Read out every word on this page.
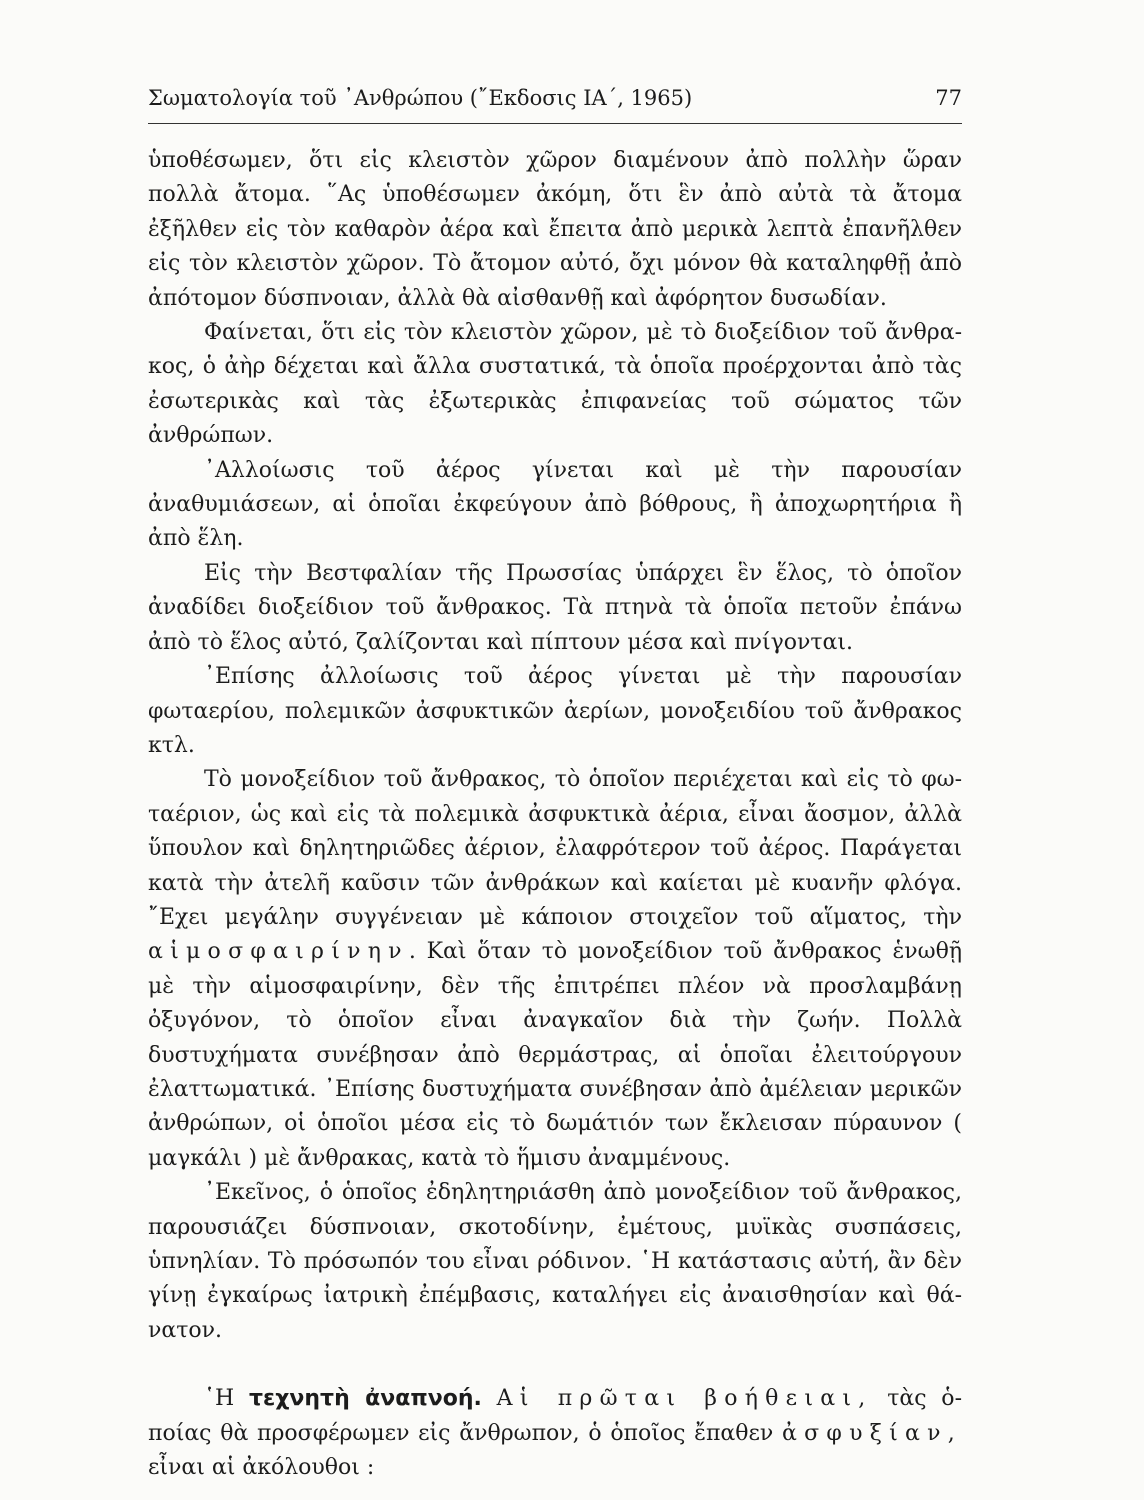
Σωματολογία τοῦ ᾿Ανθρώπου (῎Εκδοσις ΙΑ΄, 1965)	77

ὑποθέσωμεν, ὅτι εἰς κλειστὸν χῶρον διαμένουν ἀπὸ πολλὴν ὥραν πολλὰ ἄτομα. ῞Ας ὑποθέσωμεν ἀκόμη, ὅτι ἓν ἀπὸ αὐτὰ τὰ ἄτομα ἐξῆλθεν εἰς τὸν καθαρὸν ἀέρα καὶ ἔπειτα ἀπὸ μερικὰ λεπτὰ ἐπανῆλθεν εἰς τὸν κλειστὸν χῶρον. Τὸ ἄτομον αὐτό, ὄχι μόνον θὰ καταληφθῇ ἀπὸ ἀπότομον δύσπνοιαν, ἀλλὰ θὰ αἰσθανθῇ καὶ ἀφόρητον δυσωδίαν.

Φαίνεται, ὅτι εἰς τὸν κλειστὸν χῶρον, μὲ τὸ διοξείδιον τοῦ ἄνθρακος, ὁ ἀὴρ δέχεται καὶ ἄλλα συστατικά, τὰ ὁποῖα προέρχονται ἀπὸ τὰς ἐσωτερικὰς καὶ τὰς ἐξωτερικὰς ἐπιφανείας τοῦ σώματος τῶν ἀνθρώπων.

᾿Αλλοίωσις τοῦ ἀέρος γίνεται καὶ μὲ τὴν παρουσίαν ἀναθυμιάσεων, αἱ ὁποῖαι ἐκφεύγουν ἀπὸ βόθρους, ἢ ἀποχωρητήρια ἢ ἀπὸ ἕλη.

Εἰς τὴν Βεστφαλίαν τῆς Πρωσσίας ὑπάρχει ἓν ἕλος, τὸ ὁποῖον ἀναδίδει διοξείδιον τοῦ ἄνθρακος. Τὰ πτηνὰ τὰ ὁποῖα πετοῦν ἐπάνω ἀπὸ τὸ ἕλος αὐτό, ζαλίζονται καὶ πίπτουν μέσα καὶ πνίγονται.

᾿Επίσης ἀλλοίωσις τοῦ ἀέρος γίνεται μὲ τὴν παρουσίαν φωταερίου, πολεμικῶν ἀσφυκτικῶν ἀερίων, μονοξειδίου τοῦ ἄνθρακος κτλ.

Τὸ μονοξείδιον τοῦ ἄνθρακος, τὸ ὁποῖον περιέχεται καὶ εἰς τὸ φωταέριον, ὡς καὶ εἰς τὰ πολεμικὰ ἀσφυκτικὰ ἀέρια, εἶναι ἄοσμον, ἀλλὰ ὕπουλον καὶ δηλητηριῶδες ἀέριον, ἐλαφρότερον τοῦ ἀέρος. Παράγεται κατὰ τὴν ἀτελῆ καῦσιν τῶν ἀνθράκων καὶ καίεται μὲ κυανῆν φλόγα. ῎Εχει μεγάλην συγγένειαν μὲ κάποιον στοιχεῖον τοῦ αἵματος, τὴν αἱμοσφαιρίνην. Καὶ ὅταν τὸ μονοξείδιον τοῦ ἄνθρακος ἑνωθῇ μὲ τὴν αἱμοσφαιρίνην, δὲν τῆς ἐπιτρέπει πλέον νὰ προσλαμβάνῃ ὀξυγόνον, τὸ ὁποῖον εἶναι ἀναγκαῖον διὰ τὴν ζωήν. Πολλὰ δυστυχήματα συνέβησαν ἀπὸ θερμάστρας, αἱ ὁποῖαι ἐλειτούργουν ἐλαττωματικά. ᾿Επίσης δυστυχήματα συνέβησαν ἀπὸ ἀμέλειαν μερικῶν ἀνθρώπων, οἱ ὁποῖοι μέσα εἰς τὸ δωμάτιόν των ἔκλεισαν πύραυνον ( μαγκάλι ) μὲ ἄνθρακας, κατὰ τὸ ἥμισυ ἀναμμένους.

᾿Εκεῖνος, ὁ ὁποῖος ἐδηλητηριάσθη ἀπὸ μονοξείδιον τοῦ ἄνθρακος, παρουσιάζει δύσπνοιαν, σκοτοδίνην, ἐμέτους, μυϊκὰς συσπάσεις, ὑπνηλίαν. Τὸ πρόσωπόν του εἶναι ρόδινον. ῾Η κατάστασις αὐτή, ἂν δὲν γίνῃ ἐγκαίρως ἰατρικὴ ἐπέμβασις, καταλήγει εἰς ἀναισθησίαν καὶ θάνατον.

῾Η τεχνητὴ ἀναπνοή. Αἱ πρῶται βοήθειαι, τὰς ὁποίας θὰ προσφέρωμεν εἰς ἄνθρωπον, ὁ ὁποῖος ἔπαθεν ἀσφυξίαν, εἶναι αἱ ἀκόλουθοι :
